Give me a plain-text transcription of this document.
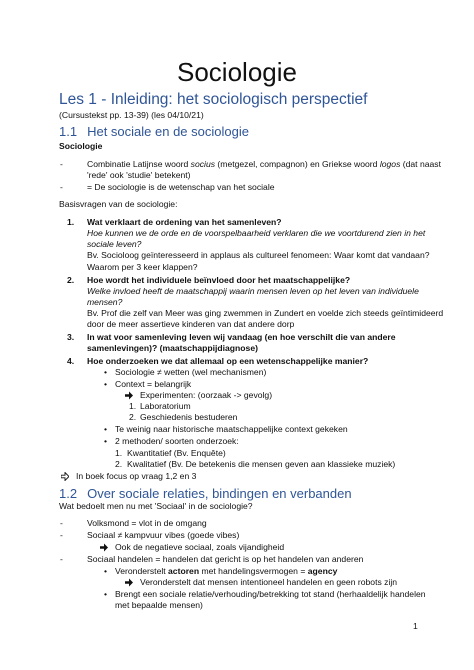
Sociologie
Les 1 - Inleiding: het sociologisch perspectief
(Cursustekst pp. 13-39) (les 04/10/21)
1.1 Het sociale en de sociologie
Sociologie
-	Combinatie Latijnse woord socius (metgezel, compagnon) en Griekse woord logos (dat naast
'rede' ook 'studie' betekent)
-	= De sociologie is de wetenschap van het sociale
Basisvragen van de sociologie:
1. Wat verklaart de ordening van het samenleven?
Hoe kunnen we de orde en de voorspelbaarheid verklaren die we voortdurend zien in het
sociale leven?
Bv. Socioloog geïnteresseerd in applaus als cultureel fenomeen: Waar komt dat vandaan?
Waarom per 3 keer klappen?
2. Hoe wordt het individuele beïnvloed door het maatschappelijke?
Welke invloed heeft de maatschappij waarin mensen leven op het leven van individuele
mensen?
Bv. Prof die zelf van Meer was ging zwemmen in Zundert en voelde zich steeds geïntimideerd
door de meer assertieve kinderen van dat andere dorp
3. In wat voor samenleving leven wij vandaag (en hoe verschilt die van andere
samenlevingen)? (maatschappijdiagnose)
4. Hoe onderzoeken we dat allemaal op een wetenschappelijke manier?
• Sociologie ≠ wetten (wel mechanismen)
• Context = belangrijk
Experimenten: (oorzaak -> gevolg)
1. Laboratorium
2. Geschiedenis bestuderen
• Te weinig naar historische maatschappelijke context gekeken
• 2 methoden/ soorten onderzoek:
1. Kwantitatief (Bv. Enquête)
2. Kwalitatief (Bv. De betekenis die mensen geven aan klassieke muziek)
In boek focus op vraag 1,2 en 3
1.2 Over sociale relaties, bindingen en verbanden
Wat bedoelt men nu met 'Sociaal' in de sociologie?
-	Volksmond = vlot in de omgang
-	Sociaal ≠ kampvuur vibes (goede vibes)
Ook de negatieve sociaal, zoals vijandigheid
-	Sociaal handelen = handelen dat gericht is op het handelen van anderen
• Veronderstelt actoren met handelingsvermogen = agency
Veronderstelt dat mensen intentioneel handelen en geen robots zijn
• Brengt een sociale relatie/verhouding/betrekking tot stand (herhaaldelijk handelen
met bepaalde mensen)
1
